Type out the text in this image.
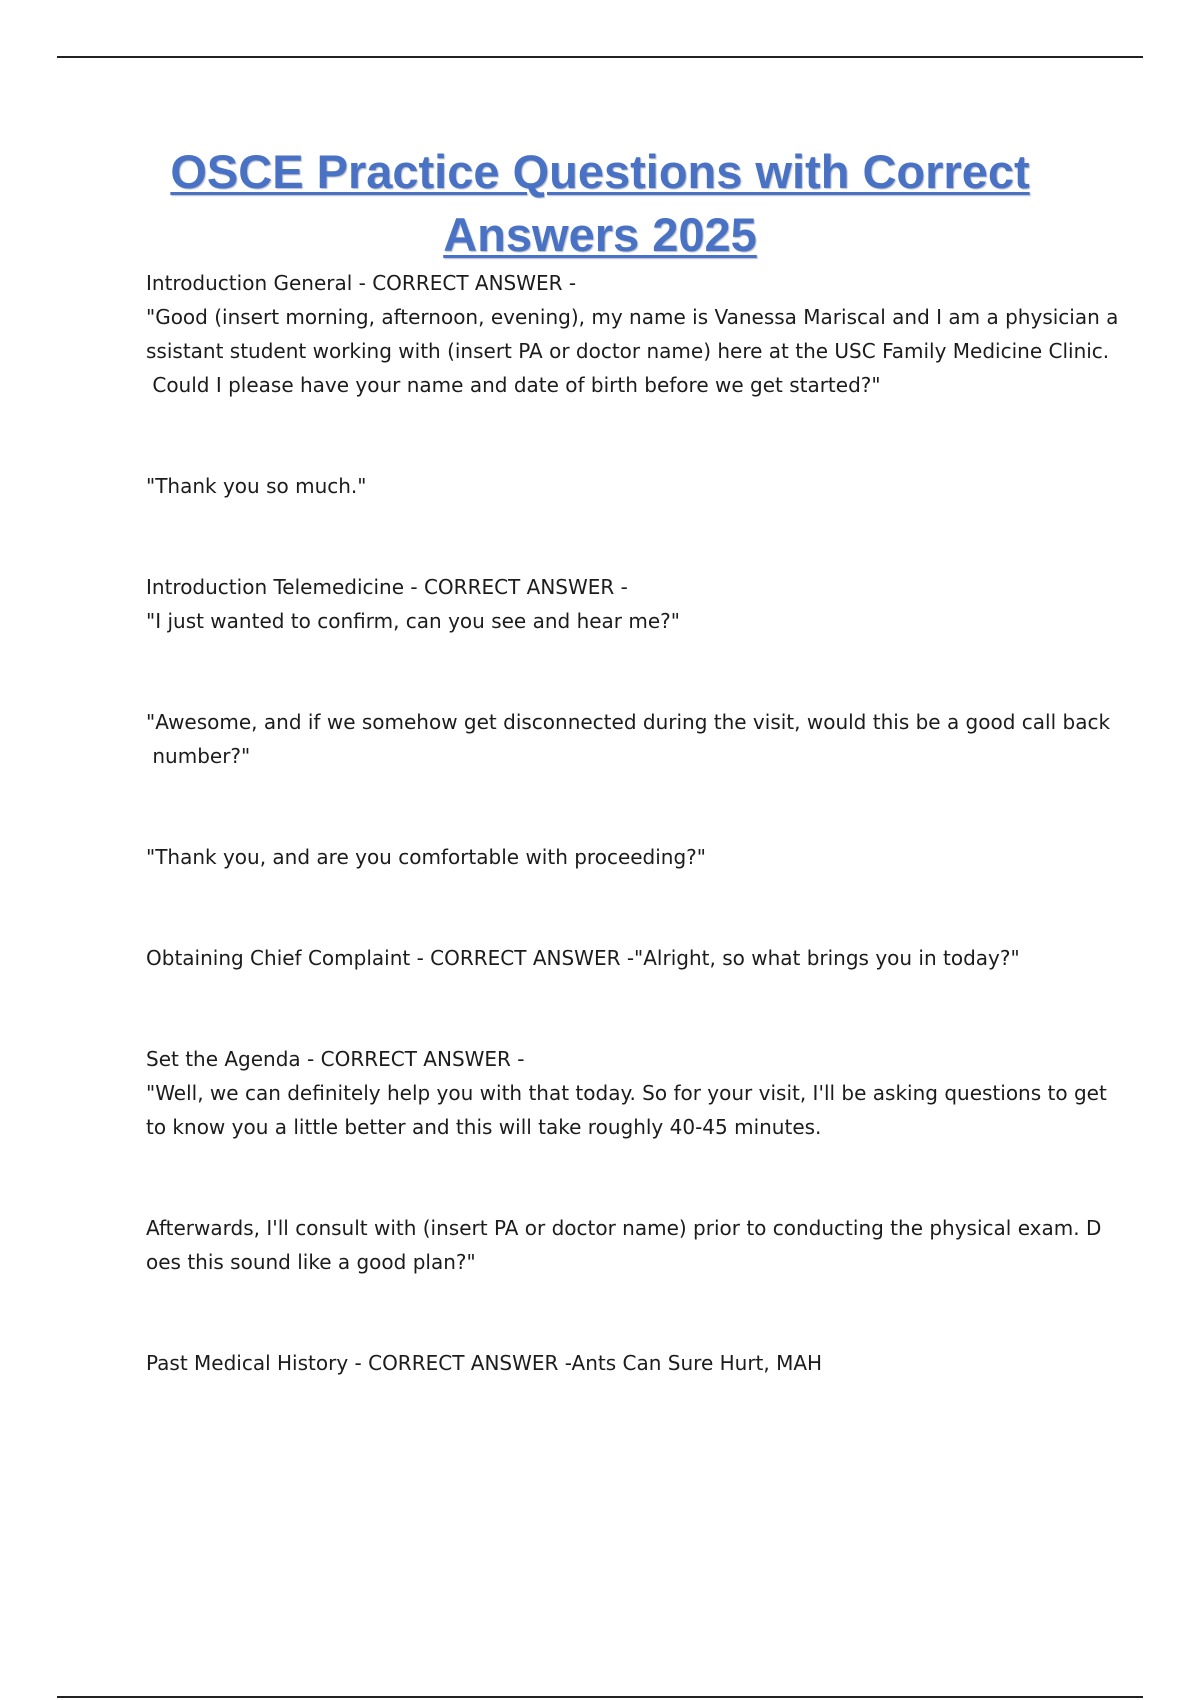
OSCE Practice Questions with Correct
Answers 2025
Introduction General - CORRECT ANSWER -
"Good (insert morning, afternoon, evening), my name is Vanessa Mariscal and I am a physician a
ssistant student working with (insert PA or doctor name) here at the USC Family Medicine Clinic.
Could I please have your name and date of birth before we get started?"
"Thank you so much."
Introduction Telemedicine - CORRECT ANSWER -
"I just wanted to confirm, can you see and hear me?"
"Awesome, and if we somehow get disconnected during the visit, would this be a good call back
number?"
"Thank you, and are you comfortable with proceeding?"
Obtaining Chief Complaint - CORRECT ANSWER -"Alright, so what brings you in today?"
Set the Agenda - CORRECT ANSWER -
"Well, we can definitely help you with that today. So for your visit, I'll be asking questions to get
to know you a little better and this will take roughly 40-45 minutes.
Afterwards, I'll consult with (insert PA or doctor name) prior to conducting the physical exam. D
oes this sound like a good plan?"
Past Medical History - CORRECT ANSWER -Ants Can Sure Hurt, MAH
